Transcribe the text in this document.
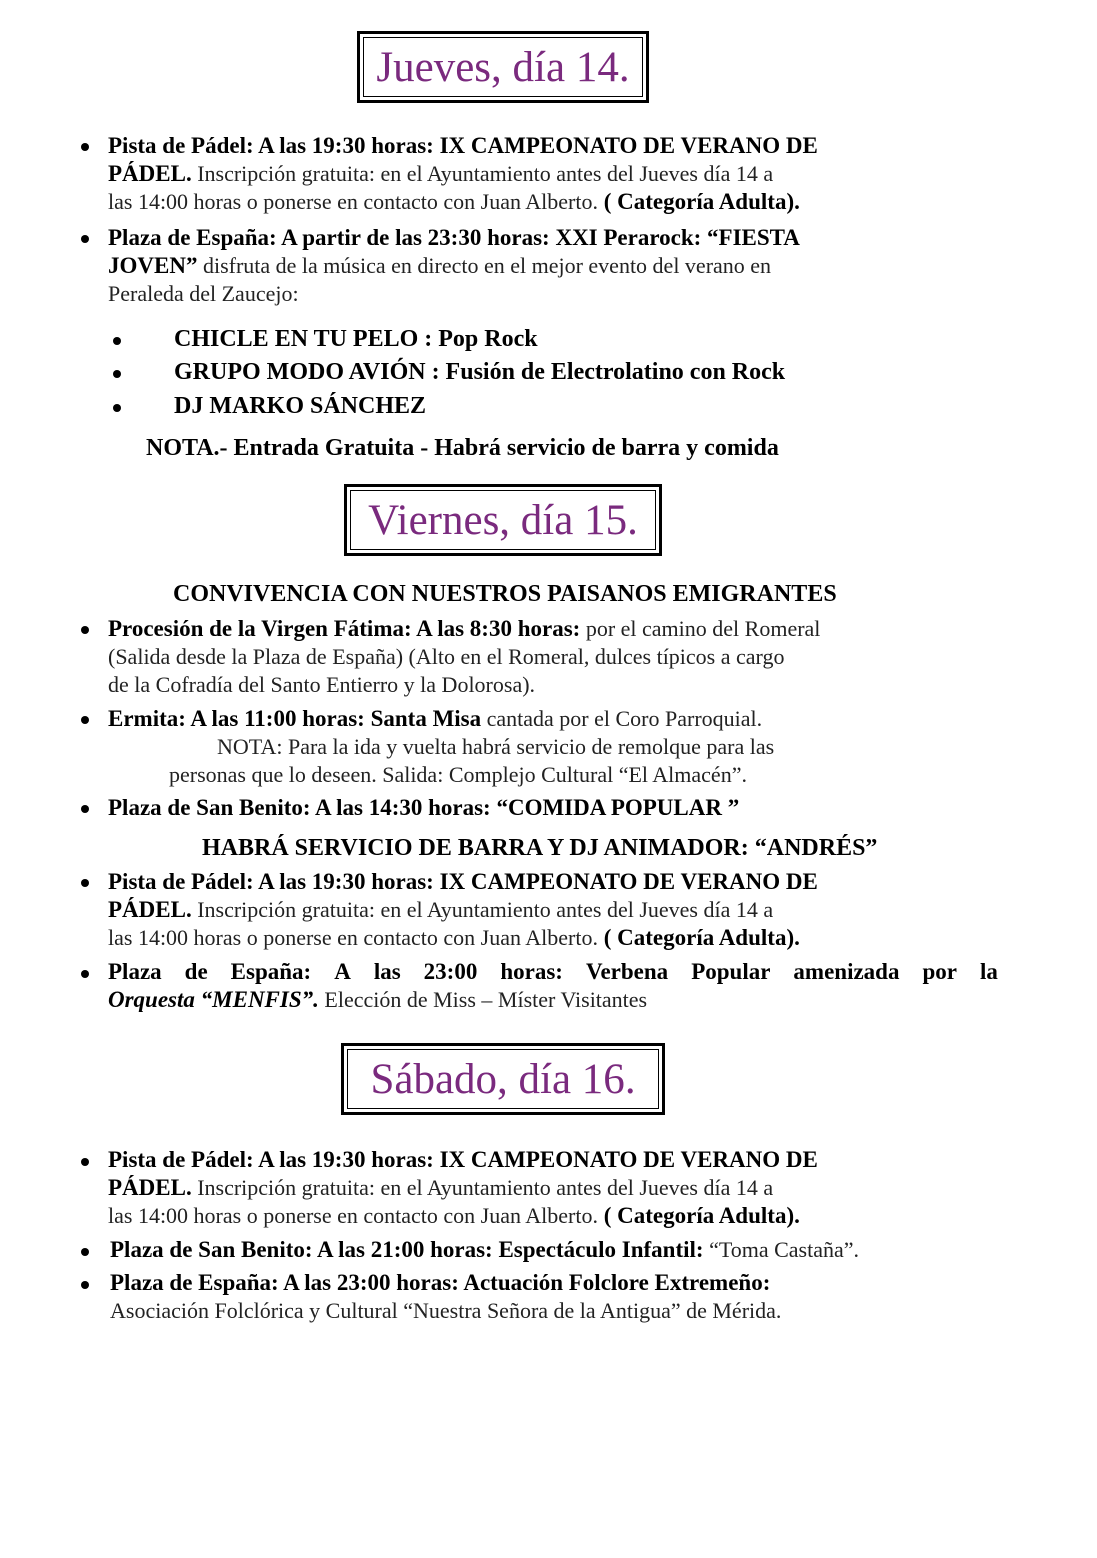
Jueves, día 14.
Pista de Pádel: A las 19:30 horas: IX CAMPEONATO DE VERANO DE
PÁDEL. Inscripción gratuita: en el Ayuntamiento antes del Jueves día 14 a
las 14:00 horas o ponerse en contacto con Juan Alberto. ( Categoría Adulta).
Plaza de España: A partir de las 23:30 horas: XXI Perarock: “FIESTA
JOVEN” disfruta de la música en directo en el mejor evento del verano en
Peraleda del Zaucejo:
CHICLE EN TU PELO : Pop Rock
GRUPO MODO AVIÓN : Fusión de Electrolatino con Rock
DJ MARKO SÁNCHEZ
NOTA.- Entrada Gratuita - Habrá servicio de barra y comida
Viernes, día 15.
CONVIVENCIA CON NUESTROS PAISANOS EMIGRANTES
Procesión de la Virgen Fátima: A las 8:30 horas: por el camino del Romeral
(Salida desde la Plaza de España) (Alto en el Romeral, dulces típicos a cargo
de la Cofradía del Santo Entierro y la Dolorosa).
Ermita: A las 11:00 horas: Santa Misa cantada por el Coro Parroquial.
NOTA: Para la ida y vuelta habrá servicio de remolque para las
personas que lo deseen. Salida: Complejo Cultural “El Almacén”.
Plaza de San Benito: A las 14:30 horas: “COMIDA POPULAR ”
HABRÁ SERVICIO DE BARRA Y DJ ANIMADOR: “ANDRÉS”
Pista de Pádel: A las 19:30 horas: IX CAMPEONATO DE VERANO DE
PÁDEL. Inscripción gratuita: en el Ayuntamiento antes del Jueves día 14 a
las 14:00 horas o ponerse en contacto con Juan Alberto. ( Categoría Adulta).
Plaza de España: A las 23:00 horas: Verbena Popular amenizada por la
Orquesta “MENFIS”. Elección de Miss – Míster Visitantes
Sábado, día 16.
Pista de Pádel: A las 19:30 horas: IX CAMPEONATO DE VERANO DE
PÁDEL. Inscripción gratuita: en el Ayuntamiento antes del Jueves día 14 a
las 14:00 horas o ponerse en contacto con Juan Alberto. ( Categoría Adulta).
Plaza de San Benito: A las 21:00 horas: Espectáculo Infantil: “Toma Castaña”.
Plaza de España: A las 23:00 horas: Actuación Folclore Extremeño:
Asociación Folclórica y Cultural “Nuestra Señora de la Antigua” de Mérida.
